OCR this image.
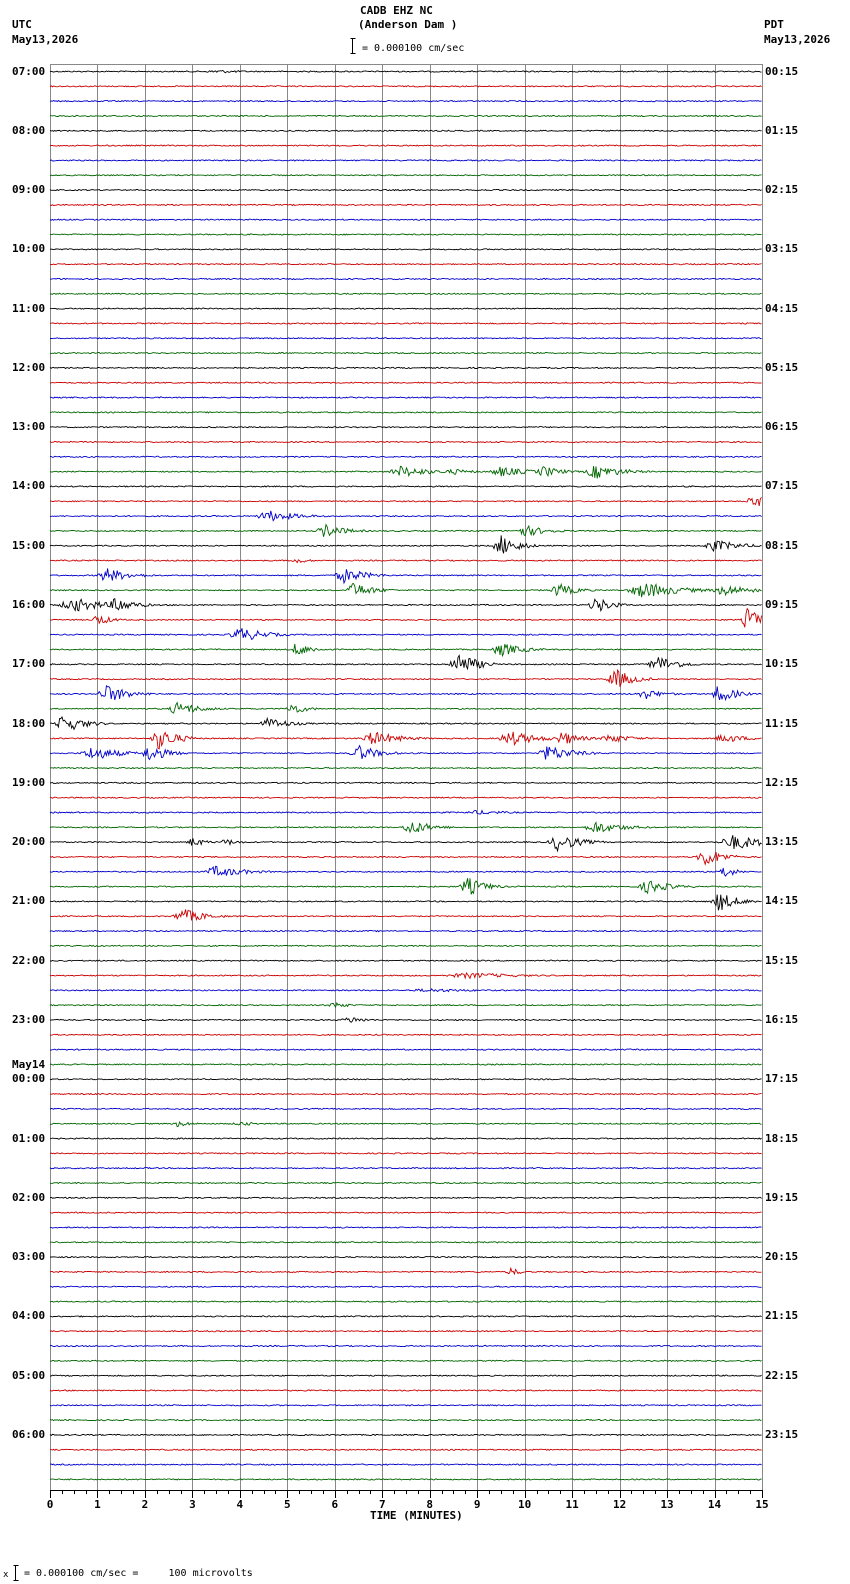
0	1	2	3	4	5	6	7	8	9	10	11	12	13	14	15
CADB EHZ NC
(Anderson Dam )
= 0.000100 cm/sec
UTC
May13,2026
PDT
May13,2026
07:00
08:00
09:00
10:00
11:00
12:00
13:00
14:00
15:00
16:00
17:00
18:00
19:00
20:00
21:00
22:00
23:00
May14
00:00
01:00
02:00
03:00
04:00
05:00
06:00
00:15
01:15
02:15
03:15
04:15
05:15
06:15
07:15
08:15
09:15
10:15
11:15
12:15
13:15
14:15
15:15
16:15
17:15
18:15
19:15
20:15
21:15
22:15
23:15
TIME (MINUTES)
x = 0.000100 cm/sec =     100 microvolts
